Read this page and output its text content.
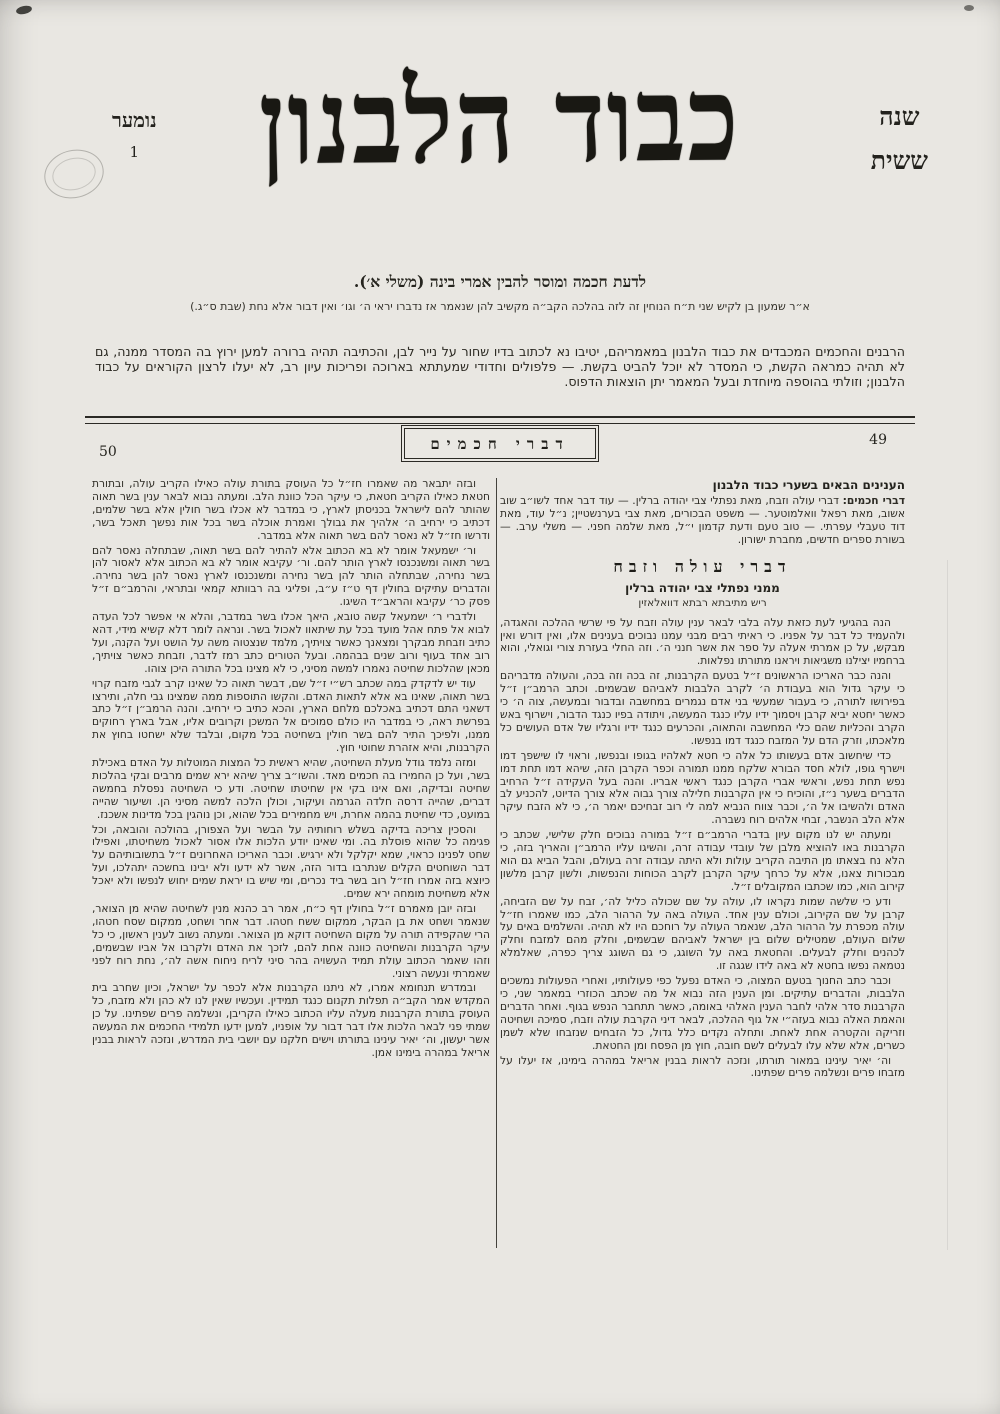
כבוד הלבנון	שנה
ששית
נומער
1
לדעת חכמה ומוסר להבין אמרי בינה (משלי א׳).
א״ר שמעון בן לקיש שני ת״ח הנוחין זה לזה בהלכה הקב״ה מקשיב להן שנאמר אז נדברו יראי ה׳ וגו׳ ואין דבור אלא נחת (שבת ס״ג.)
הרבנים והחכמים המכבדים את כבוד הלבנון במאמריהם, יטיבו נא לכתוב בדיו שחור על נייר לבן, והכתיבה תהיה ברורה למען ירוץ בה המסדר ממנה, גם לא תהיה כמראה הקשת, כי המסדר לא יוכל להביט בקשת. — פלפולים וחדודי שמעתתא בארוכה ופריכות עיון רב, לא יעלו לרצון הקוראים על כבוד הלבנון; וזולתי בהוספה מיוחדת ובעל המאמר יתן הוצאות הדפוס.
49
50	דברי חכמים

הענינים הבאים בשערי כבוד הלבנון

דברי חכמים: דברי עולה וזבח, מאת נפתלי צבי יהודה ברלין. — עוד דבר אחד לשו״ב שוב אשוב, מאת רפאל וואלמוטער. — משפט הבכורים, מאת צבי בערנשטיין; נ״ל עוד, מאת דוד טעבלי עפרתי. — טוב טעם ודעת קדמון י״ל, מאת שלמה חפני. — משלי ערב. — בשורת ספרים חדשים, מחברת ישורון.

דברי עולה וזבח

ממני נפתלי צבי יהודה ברלין

ריש מתיבתא רבתא דוואלאזין

הנה בהגיעי לעת כזאת עלה בלבי לבאר ענין עולה וזבח על פי שרשי ההלכה והאגדה, ולהעמיד כל דבר על אפניו. כי ראיתי רבים מבני עמנו נבוכים בענינים אלו, ואין דורש ואין מבקש, על כן אמרתי אעלה על ספר את אשר חנני ה׳. וזה החלי בעזרת צורי וגואלי, והוא ברחמיו יצילנו משגיאות ויראנו מתורתו נפלאות.

והנה כבר האריכו הראשונים ז״ל בטעם הקרבנות, זה בכה וזה בכה, והעולה מדבריהם כי עיקר גדול הוא בעבודת ה׳ לקרב הלבבות לאביהם שבשמים. וכתב הרמב״ן ז״ל בפירושו לתורה, כי בעבור שמעשי בני אדם נגמרים במחשבה ובדבור ובמעשה, צוה ה׳ כי כאשר יחטא יביא קרבן ויסמוך ידיו עליו כנגד המעשה, ויתודה בפיו כנגד הדבור, וישרוף באש הקרב והכליות שהם כלי המחשבה והתאוה, והכרעים כנגד ידיו ורגליו של אדם העושים כל מלאכתו, וזרק הדם על המזבח כנגד דמו בנפשו.

כדי שיחשוב אדם בעשותו כל אלה כי חטא לאלהיו בגופו ובנפשו, וראוי לו שישפך דמו וישרף גופו, לולא חסד הבורא שלקח ממנו תמורה וכפר הקרבן הזה, שיהא דמו תחת דמו נפש תחת נפש, וראשי אברי הקרבן כנגד ראשי אבריו. והנה בעל העקידה ז״ל הרחיב הדברים בשער נ״ז, והוכיח כי אין הקרבנות חלילה צורך גבוה אלא צורך הדיוט, להכניע לב האדם ולהשיבו אל ה׳, וכבר צווח הנביא למה לי רוב זבחיכם יאמר ה׳, כי לא הזבח עיקר אלא הלב הנשבר, זבחי אלהים רוח נשברה.

ומעתה יש לנו מקום עיון בדברי הרמב״ם ז״ל במורה נבוכים חלק שלישי, שכתב כי הקרבנות באו להוציא מלבן של עובדי עבודה זרה, והשיגו עליו הרמב״ן והאריך בזה, כי הלא נח בצאתו מן התיבה הקריב עולות ולא היתה עבודה זרה בעולם, והבל הביא גם הוא מבכורות צאנו, אלא על כרחך עיקר הקרבן לקרב הכוחות והנפשות, ולשון קרבן מלשון קירוב הוא, כמו שכתבו המקובלים ז״ל.

ודע כי שלשה שמות נקראו לו, עולה על שם שכולה כליל לה׳, זבח על שם הזביחה, קרבן על שם הקירוב, וכולם ענין אחד. העולה באה על הרהור הלב, כמו שאמרו חז״ל עולה מכפרת על הרהור הלב, שנאמר העולה על רוחכם היו לא תהיה. והשלמים באים על שלום העולם, שמטילים שלום בין ישראל לאביהם שבשמים, וחלק מהם למזבח וחלק לכהנים וחלק לבעלים. והחטאת באה על השוגג, כי גם השוגג צריך כפרה, שאלמלא נטמאה נפשו בחטא לא באה לידו שגגה זו.

וכבר כתב החנוך בטעם המצוה, כי האדם נפעל כפי פעולותיו, ואחרי הפעולות נמשכים הלבבות, והדברים עתיקים. ומן הענין הזה נבוא אל מה שכתב הכוזרי במאמר שני, כי הקרבנות סדר אלהי לחבר הענין האלהי באומה, כאשר תתחבר הנפש בגוף. ואחר הדברים והאמת האלה נבוא בעזה״י אל גוף ההלכה, לבאר דיני הקרבת עולה וזבח, סמיכה ושחיטה וזריקה והקטרה אחת לאחת. ותחלה נקדים כלל גדול, כל הזבחים שנזבחו שלא לשמן כשרים, אלא שלא עלו לבעלים לשם חובה, חוץ מן הפסח ומן החטאת.

וה׳ יאיר עינינו במאור תורתו, ונזכה לראות בבנין אריאל במהרה בימינו, אז יעלו על מזבחו פרים ונשלמה פרים שפתינו.

ובזה יתבאר מה שאמרו חז״ל כל העוסק בתורת עולה כאילו הקריב עולה, ובתורת חטאת כאילו הקריב חטאת, כי עיקר הכל כוונת הלב. ומעתה נבוא לבאר ענין בשר תאוה שהותר להם לישראל בכניסתן לארץ, כי במדבר לא אכלו בשר חולין אלא בשר שלמים, דכתיב כי ירחיב ה׳ אלהיך את גבולך ואמרת אוכלה בשר בכל אות נפשך תאכל בשר, ודרשו חז״ל לא נאסר להם בשר תאוה אלא במדבר.

ור׳ ישמעאל אומר לא בא הכתוב אלא להתיר להם בשר תאוה, שבתחלה נאסר להם בשר תאוה ומשנכנסו לארץ הותר להם. ור׳ עקיבא אומר לא בא הכתוב אלא לאסור להן בשר נחירה, שבתחלה הותר להן בשר נחירה ומשנכנסו לארץ נאסר להן בשר נחירה. והדברים עתיקים בחולין דף ט״ז ע״ב, ופליגי בה רבוותא קמאי ובתראי, והרמב״ם ז״ל פסק כר׳ עקיבא והראב״ד השיגו.

ולדברי ר׳ ישמעאל קשה טובא, היאך אכלו בשר במדבר, והלא אי אפשר לכל העדה לבוא אל פתח אהל מועד בכל עת שיתאוו לאכול בשר. ונראה לומר דלא קשיא מידי, דהא כתיב וזבחת מבקרך ומצאנך כאשר צויתיך, מלמד שנצטוה משה על הושט ועל הקנה, ועל רוב אחד בעוף ורוב שנים בבהמה. ובעל הטורים כתב רמז לדבר, וזבחת כאשר צויתיך, מכאן שהלכות שחיטה נאמרו למשה מסיני, כי לא מצינו בכל התורה היכן צוהו.

עוד יש לדקדק במה שכתב רש״י ז״ל שם, דבשר תאוה כל שאינו קרב לגבי מזבח קרוי בשר תאוה, שאינו בא אלא לתאות האדם. והקשו התוספות ממה שמצינו גבי חלה, ותירצו דשאני התם דכתיב באכלכם מלחם הארץ, והכא כתיב כי ירחיב. והנה הרמב״ן ז״ל כתב בפרשת ראה, כי במדבר היו כולם סמוכים אל המשכן וקרובים אליו, אבל בארץ רחוקים ממנו, ולפיכך התיר להם בשר חולין בשחיטה בכל מקום, ובלבד שלא ישחטו בחוץ את הקרבנות, והיא אזהרת שחוטי חוץ.

ומזה נלמד גודל מעלת השחיטה, שהיא ראשית כל המצות המוטלות על האדם באכילת בשר, ועל כן החמירו בה חכמים מאד. והשו״ב צריך שיהא ירא שמים מרבים ובקי בהלכות שחיטה ובדיקה, ואם אינו בקי אין שחיטתו שחיטה. ודע כי השחיטה נפסלת בחמשה דברים, שהייה דרסה חלדה הגרמה ועיקור, וכולן הלכה למשה מסיני הן. ושיעור שהייה במועט, כדי שחיטת בהמה אחרת, ויש מחמירים בכל שהוא, וכן נוהגין בכל מדינות אשכנז.

והסכין צריכה בדיקה בשלש רוחותיה על הבשר ועל הצפורן, בהולכה והובאה, וכל פגימה כל שהוא פוסלת בה. ומי שאינו יודע הלכות אלו אסור לאכול משחיטתו, ואפילו שחט לפנינו כראוי, שמא יקלקל ולא ירגיש. וכבר האריכו האחרונים ז״ל בתשובותיהם על דבר השוחטים הקלים שנתרבו בדור הזה, אשר לא ידעו ולא יבינו בחשכה יתהלכו, ועל כיוצא בזה אמרו חז״ל רוב בשר ביד נכרים, ומי שיש בו יראת שמים יחוש לנפשו ולא יאכל אלא משחיטת מומחה ירא שמים.

ובזה יובן מאמרם ז״ל בחולין דף כ״ח, אמר רב כהנא מנין לשחיטה שהיא מן הצואר, שנאמר ושחט את בן הבקר, ממקום ששח חטהו. דבר אחר ושחט, ממקום שסח חטהו, הרי שהקפידה תורה על מקום השחיטה דוקא מן הצואר. ומעתה נשוב לענין ראשון, כי כל עיקר הקרבנות והשחיטה כוונה אחת להם, לזכך את האדם ולקרבו אל אביו שבשמים, וזהו שאמר הכתוב עולת תמיד העשויה בהר סיני לריח ניחוח אשה לה׳, נחת רוח לפני שאמרתי ונעשה רצוני.

ובמדרש תנחומא אמרו, לא ניתנו הקרבנות אלא לכפר על ישראל, וכיון שחרב בית המקדש אמר הקב״ה תפלות תקנום כנגד תמידין. ועכשיו שאין לנו לא כהן ולא מזבח, כל העוסק בתורת הקרבנות מעלה עליו הכתוב כאילו הקריבן, ונשלמה פרים שפתינו. על כן שמתי פני לבאר הלכות אלו דבר דבור על אופניו, למען ידעו תלמידי החכמים את המעשה אשר יעשון, וה׳ יאיר עינינו בתורתו וישים חלקנו עם יושבי בית המדרש, ונזכה לראות בבנין אריאל במהרה בימינו אמן.
